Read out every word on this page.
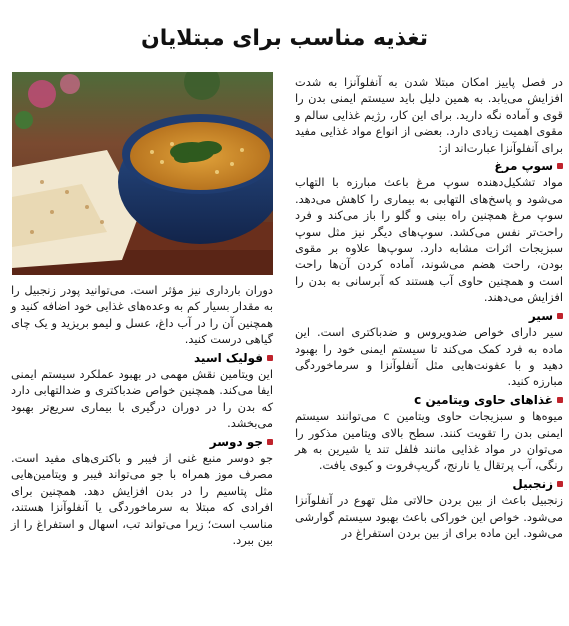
تغذیه مناسب برای مبتلایان

در فصل پاییز امکان مبتلا شدن به آنفلوآنزا به شدت افزایش می‌یابد. به همین دلیل باید سیستم ایمنی بدن را قوی و آماده نگه دارید. برای این کار، رژیم غذایی سالم و مقوی اهمیت زیادی دارد. بعضی از انواع مواد غذایی مفید برای آنفلوآنزا عبارت‌اند از:

سوپ مرغ

مواد تشکیل‌دهنده سوپ مرغ باعث مبارزه با التهاب می‌شود و پاسخ‌های التهابی به بیماری را کاهش می‌دهد. سوپ مرغ همچنین راه بینی و گلو را باز می‌کند و فرد راحت‌تر نفس می‌کشد. سوپ‌های دیگر نیز مثل سوپ سبزیجات اثرات مشابه دارد. سوپ‌ها علاوه بر مقوی بودن، راحت هضم می‌شوند، آماده کردن آن‌ها راحت است و همچنین حاوی آب هستند که آبرسانی به بدن را افزایش می‌دهند.

سیر

سیر دارای خواص ضدویروس و ضدباکتری است. این ماده به فرد کمک می‌کند تا سیستم ایمنی خود را بهبود دهید و با عفونت‌هایی مثل آنفلوآنزا و سرماخوردگی مبارزه کنید.

غذاهای حاوی ویتامین c

میوه‌ها و سبزیجات حاوی ویتامین c می‌توانند سیستم ایمنی بدن را تقویت کنند. سطح بالای ویتامین مذکور را می‌توان در مواد غذایی مانند فلفل تند یا شیرین به هر رنگی، آب پرتقال یا نارنج، گریپ‌فروت و کیوی یافت.

زنجبیل

زنجبیل باعث از بین بردن حالاتی مثل تهوع در آنفلوآنزا می‌شود. خواص این خوراکی باعث بهبود سیستم گوارشی می‌شود. این ماده برای از بین بردن استفراغ در

دوران بارداری نیز مؤثر است. می‌توانید پودر زنجبیل را به مقدار بسیار کم به وعده‌های غذایی خود اضافه کنید و همچنین آن را در آب داغ، عسل و لیمو بریزید و یک چای گیاهی درست کنید.

فولیک اسید

این ویتامین نقش مهمی در بهبود عملکرد سیستم ایمنی ایفا می‌کند. همچنین خواص ضدباکتری و ضدالتهابی دارد که بدن را در دوران درگیری با بیماری سریع‌تر بهبود می‌بخشد.

جو دوسر

جو دوسر منبع غنی از فیبر و باکتری‌های مفید است. مصرف موز همراه با جو می‌تواند فیبر و ویتامین‌هایی مثل پتاسیم را در بدن افزایش دهد. همچنین برای افرادی که مبتلا به سرماخوردگی یا آنفلوآنزا هستند، مناسب است؛ زیرا می‌تواند تب، اسهال و استفراغ را از بین ببرد.
